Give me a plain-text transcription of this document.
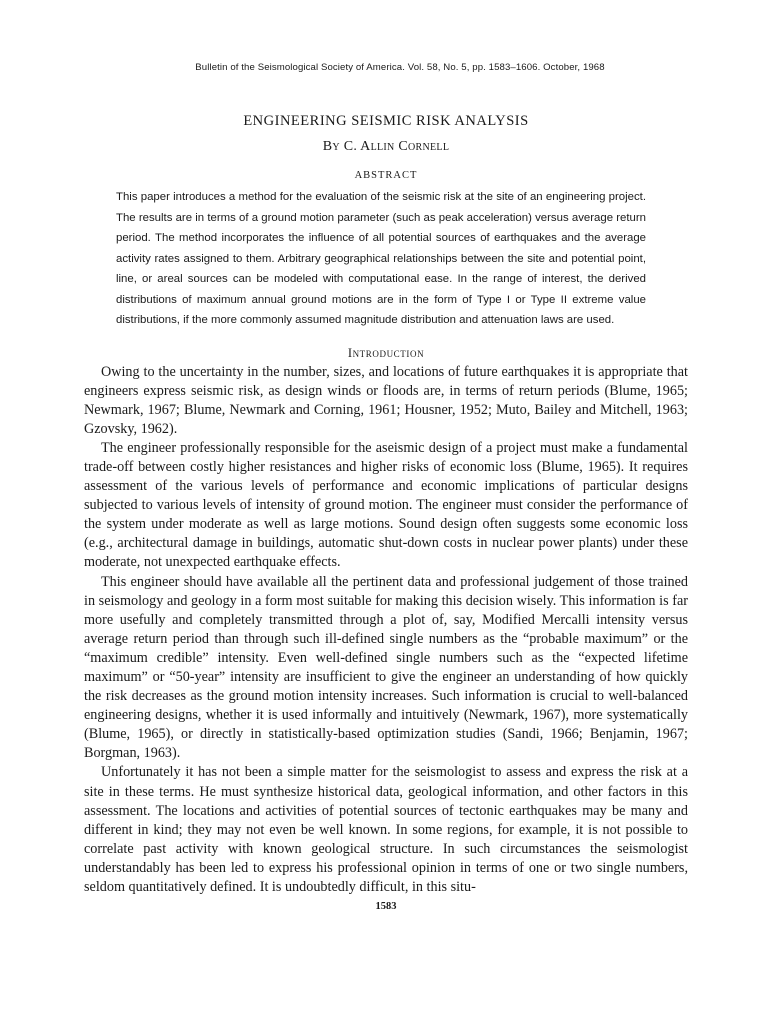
Bulletin of the Seismological Society of America. Vol. 58, No. 5, pp. 1583–1606. October, 1968
ENGINEERING SEISMIC RISK ANALYSIS
By C. Allin Cornell
ABSTRACT
This paper introduces a method for the evaluation of the seismic risk at the site of an engineering project. The results are in terms of a ground motion parameter (such as peak acceleration) versus average return period. The method incorporates the influence of all potential sources of earthquakes and the average activity rates assigned to them. Arbitrary geographical relationships between the site and potential point, line, or areal sources can be modeled with computational ease. In the range of interest, the derived distributions of maximum annual ground motions are in the form of Type I or Type II extreme value distributions, if the more commonly assumed magnitude distribution and attenuation laws are used.
Introduction

Owing to the uncertainty in the number, sizes, and locations of future earthquakes it is appropriate that engineers express seismic risk, as design winds or floods are, in terms of return periods (Blume, 1965; Newmark, 1967; Blume, Newmark and Corning, 1961; Housner, 1952; Muto, Bailey and Mitchell, 1963; Gzovsky, 1962).

The engineer professionally responsible for the aseismic design of a project must make a fundamental trade-off between costly higher resistances and higher risks of economic loss (Blume, 1965). It requires assessment of the various levels of performance and economic implications of particular designs subjected to various levels of intensity of ground motion. The engineer must consider the performance of the system under moderate as well as large motions. Sound design often suggests some economic loss (e.g., architectural damage in buildings, automatic shut-down costs in nuclear power plants) under these moderate, not unexpected earthquake effects.

This engineer should have available all the pertinent data and professional judgement of those trained in seismology and geology in a form most suitable for making this decision wisely. This information is far more usefully and completely transmitted through a plot of, say, Modified Mercalli intensity versus average return period than through such ill-defined single numbers as the “probable maximum” or the “maximum credible” intensity. Even well-defined single numbers such as the “expected lifetime maximum” or “50-year” intensity are insufficient to give the engineer an understanding of how quickly the risk decreases as the ground motion intensity increases. Such information is crucial to well-balanced engineering designs, whether it is used informally and intuitively (Newmark, 1967), more systematically (Blume, 1965), or directly in statistically-based optimization studies (Sandi, 1966; Benjamin, 1967; Borgman, 1963).

Unfortunately it has not been a simple matter for the seismologist to assess and express the risk at a site in these terms. He must synthesize historical data, geological information, and other factors in this assessment. The locations and activities of potential sources of tectonic earthquakes may be many and different in kind; they may not even be well known. In some regions, for example, it is not possible to correlate past activity with known geological structure. In such circumstances the seismologist understandably has been led to express his professional opinion in terms of one or two single numbers, seldom quantitatively defined. It is undoubtedly difficult, in this situ-

1583
